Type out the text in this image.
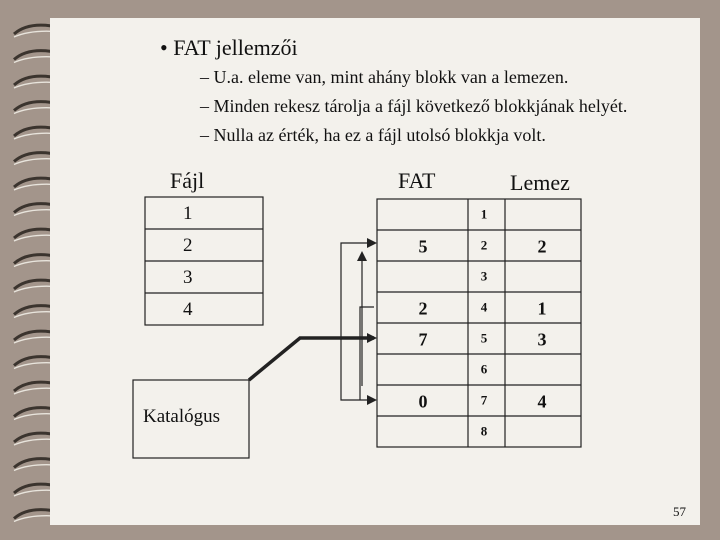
• FAT jellemzői
– U.a. eleme van, mint ahány blokk van a lemezen.
– Minden rekesz tárolja a fájl következő blokkjának helyét.
– Nulla az érték, ha ez a fájl utolsó blokkja volt.
Fájl	FAT	Lemez
5
2
7
0
1
2
3
4
5
6
7
8
2
1
3
4
1
2
3
4
Katalógus
57
